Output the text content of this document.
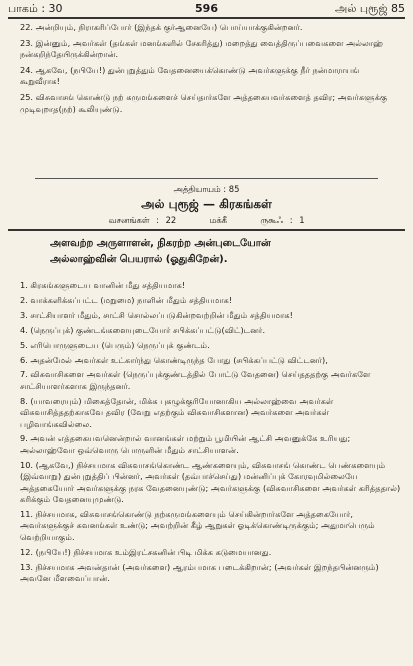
பாகம் : 30	596	அல் புரூஜ் 85

22. அன்றியும், நிராகரிப்போர் (இந்தக் குர்ஆனையே) பொய்யாக்குகின்றனர்.

23. இன்னும், அவர்கள் (தங்கள் மனங்களில் சேகரித்து) மறைத்து வைத்திருப்பவைகளை அல்லாஹ் நன்கறிந்தேயிருக்கின்றான்.

24. ஆகவே, (நபியே!) துன்புறுத்தும் வேதனையைக்கொண்டு அவர்களுக்கு நீர் நன்மாராயங் கூறுவீராக!

25. விசுவாசங் கொண்டு நற் கருமங்களைச் செய்தார்களே அத்தகையவர்களைத் தவிர; அவர்களுக்கு முடிவுறாத(நற்) கூலியுண்டு.

அத்தியாயம் : 85
அல் புரூஜ் — கிரகங்கள்
வசனங்கள் : 22	மக்கீ	ருகூஃ : 1
அளவற்ற அருளாளன், நிகரற்ற அன்புடையோன்
அல்லாஹ்வின் பெயரால் (ஓதுகிறேன்).

1. கிரகங்களுடைய வானின் மீது சத்தியமாக!

2. வாக்களிக்கப்பட்ட (மறுமை) நாளின் மீதும் சத்தியமாக!

3. சாட்சியாளர் மீதும், சாட்சி சொல்லப்படுகின்றவற்றின் மீதும் சத்தியமாக!

4. (நெருப்புக்) குண்டங்களையுடையோர் சபிக்கப்பட்டு(விட்)டனர்.

5. எரிபொருளுடைய (பெரும்) நெருப்புக் குண்டம்.

6. அதன்மேல் அவர்கள் உட்கார்ந்து கொண்டிருந்த போது (சபிக்கப்பட்டு விட்டனர்),

7. விசுவாசிகளை அவர்கள் (நெருப்புக்குண்டத்தில் போட்டு வேதனை) செய்தததற்கு அவர்களே சாட்சியாளர்களாக இருந்தனர்.

8. (யாவரையும்) மிகைத்தோன், மிக்க புகழுக்குரியோனாகிய அல்லாஹ்வை அவர்கள் விசுவாசித்ததற்காகவே தவிர (வேறு எதற்கும் விசுவாசிகளான) அவர்களை அவர்கள் பழிவாங்கவில்லை.

9. அவன் எத்தகையவனென்றால் வானங்கள் மற்றும் பூமியின் ஆட்சி அவனுக்கே உரியது; அல்லாஹ்வோ ஒவ்வொரு பொருளின் மீதும் சாட்சியாளன்.

10. (ஆகவே,) நிச்சயமாக விசுவாசங்கொண்ட ஆண்களையும், விசுவாசங் கொண்ட பெண்களையும் (இவ்வாறு) துன்புறுத்திப் பின்னர், அவர்கள் (தவ்பாச்செய்து) மன்னிப்புக் கோரவுமில்லையே அத்தகையோர் அவர்களுக்கு நரக வேதனையுண்டு; அவர்களுக்கு (விசுவாசிகளை அவர்கள் கரித்ததால்) கரிக்கும் வேதனையுமுண்டு.

11. நிச்சயமாக, விசுவாசங்கொண்டு நற்கருமங்களையும் செய்கின்றார்களே அத்தகையோர், அவர்களுக்குச் சுவனங்கள் உண்டு; அவற்றின் கீழ் ஆறுகள் ஓடிக்கொண்டிருக்கும்; அதுமாபெரும் வெற்றியாகும்.

12. (நபியே!) நிச்சயமாக உம்இரட்சகனின் பிடி மிக்க கடுமையானது.

13. நிச்சயமாக அவன்தான் (அவர்களை) ஆரம்பமாக படைக்கிறான்; (அவர்கள் இறந்தபின்னரும்) அவனே மீளவைப்பான்.
